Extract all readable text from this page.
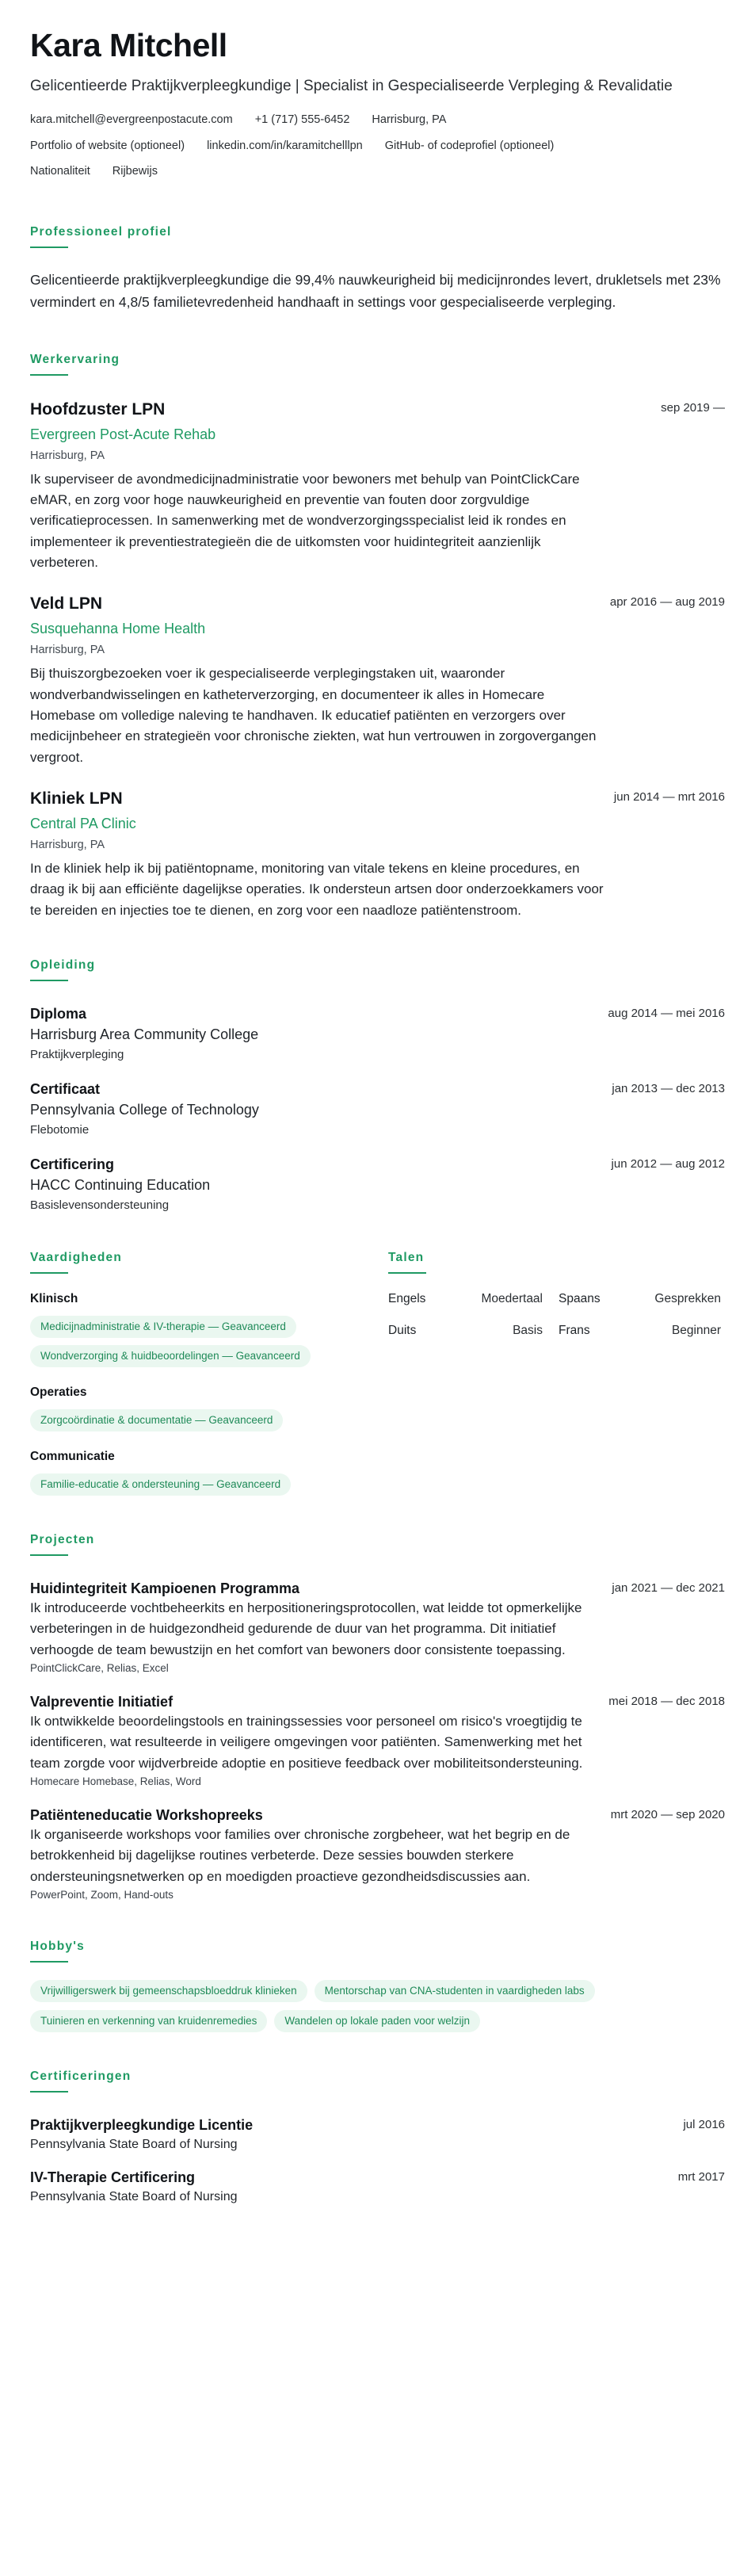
Kara Mitchell
Gelicentieerde Praktijkverpleegkundige | Specialist in Gespecialiseerde Verpleging & Revalidatie
kara.mitchell@evergreenpostacute.com +1 (717) 555-6452 Harrisburg, PA
Portfolio of website (optioneel) linkedin.com/in/karamitchelllpn GitHub- of codeprofiel (optioneel)
Nationaliteit Rijbewijs
Professioneel profiel
Gelicentieerde praktijkverpleegkundige die 99,4% nauwkeurigheid bij medicijnrondes levert, drukletsels met 23% vermindert en 4,8/5 familietevredenheid handhaaft in settings voor gespecialiseerde verpleging.
Werkervaring
Hoofdzuster LPN	sep 2019 —
Evergreen Post-Acute Rehab
Harrisburg, PA
Ik superviseer de avondmedicijnadministratie voor bewoners met behulp van PointClickCare eMAR, en zorg voor hoge nauwkeurigheid en preventie van fouten door zorgvuldige verificatieprocessen. In samenwerking met de wondverzorgingsspecialist leid ik rondes en implementeer ik preventiestrategieën die de uitkomsten voor huidintegriteit aanzienlijk verbeteren.
Veld LPN	apr 2016 — aug 2019
Susquehanna Home Health
Harrisburg, PA
Bij thuiszorgbezoeken voer ik gespecialiseerde verplegingstaken uit, waaronder wondverbandwisselingen en katheterverzorging, en documenteer ik alles in Homecare Homebase om volledige naleving te handhaven. Ik educatief patiënten en verzorgers over medicijnbeheer en strategieën voor chronische ziekten, wat hun vertrouwen in zorgovergangen vergroot.
Kliniek LPN	jun 2014 — mrt 2016
Central PA Clinic
Harrisburg, PA
In de kliniek help ik bij patiëntopname, monitoring van vitale tekens en kleine procedures, en draag ik bij aan efficiënte dagelijkse operaties. Ik ondersteun artsen door onderzoekkamers voor te bereiden en injecties toe te dienen, en zorg voor een naadloze patiëntenstroom.
Opleiding
Diploma	aug 2014 — mei 2016
Harrisburg Area Community College
Praktijkverpleging
Certificaat	jan 2013 — dec 2013
Pennsylvania College of Technology
Flebotomie
Certificering	jun 2012 — aug 2012
HACC Continuing Education
Basislevensondersteuning
Vaardigheden
Klinisch
Medicijnadministratie & IV-therapie — Geavanceerd
Wondverzorging & huidbeoordelingen — Geavanceerd
Operaties
Zorgcoördinatie & documentatie — Geavanceerd
Communicatie
Familie-educatie & ondersteuning — Geavanceerd
Talen
Engels	Moedertaal Spaans	Gesprekken
Duits	Basis Frans	Beginner
Projecten
Huidintegriteit Kampioenen Programma	jan 2021 — dec 2021
Ik introduceerde vochtbeheerkits en herpositioneringsprotocollen, wat leidde tot opmerkelijke verbeteringen in de huidgezondheid gedurende de duur van het programma. Dit initiatief verhoogde de team bewustzijn en het comfort van bewoners door consistente toepassing.
PointClickCare, Relias, Excel
Valpreventie Initiatief	mei 2018 — dec 2018
Ik ontwikkelde beoordelingstools en trainingssessies voor personeel om risico's vroegtijdig te identificeren, wat resulteerde in veiligere omgevingen voor patiënten. Samenwerking met het team zorgde voor wijdverbreide adoptie en positieve feedback over mobiliteitsondersteuning.
Homecare Homebase, Relias, Word
Patiënteneducatie Workshopreeks	mrt 2020 — sep 2020
Ik organiseerde workshops voor families over chronische zorgbeheer, wat het begrip en de betrokkenheid bij dagelijkse routines verbeterde. Deze sessies bouwden sterkere ondersteuningsnetwerken op en moedigden proactieve gezondheidsdiscussies aan.
PowerPoint, Zoom, Hand-outs
Hobby's
Vrijwilligerswerk bij gemeenschapsbloeddruk klinieken	Mentorschap van CNA-studenten in vaardigheden labs
Tuinieren en verkenning van kruidenremedies	Wandelen op lokale paden voor welzijn
Certificeringen
Praktijkverpleegkundige Licentie	jul 2016
Pennsylvania State Board of Nursing
IV-Therapie Certificering	mrt 2017
Pennsylvania State Board of Nursing
